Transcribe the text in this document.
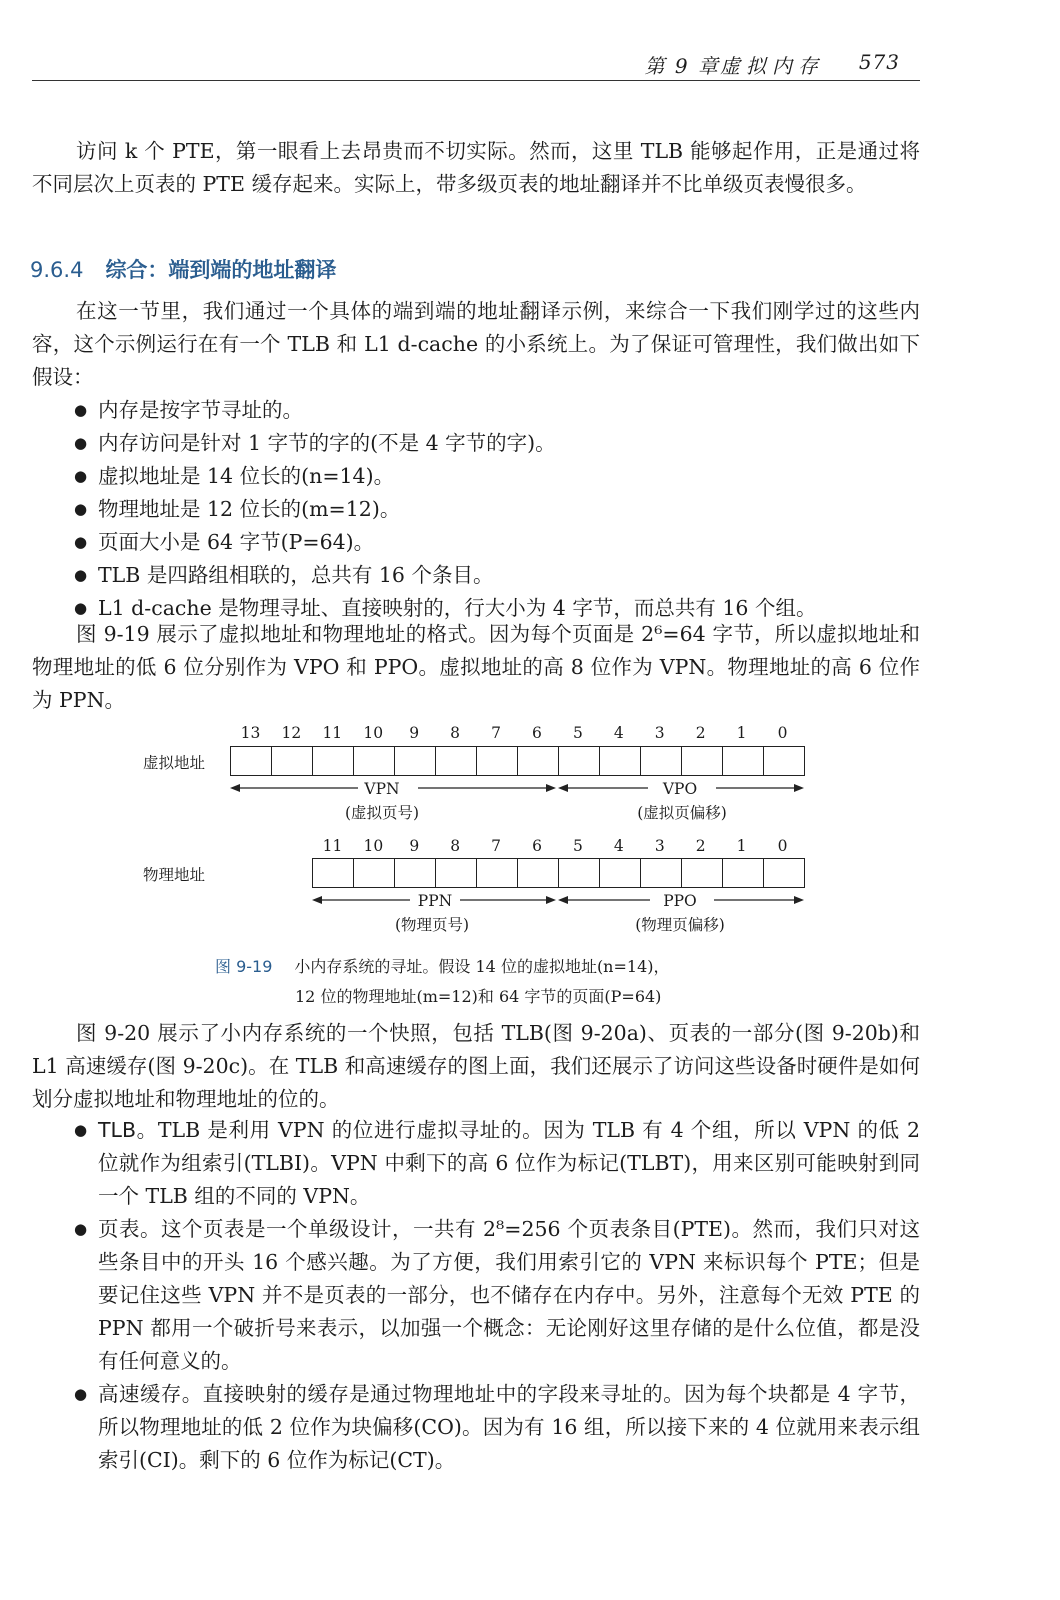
第 9 章 虚拟内存 573

访问 k 个 PTE，第一眼看上去昂贵而不切实际。然而，这里 TLB 能够起作用，正是通过将不同层次上页表的 PTE 缓存起来。实际上，带多级页表的地址翻译并不比单级页表慢很多。

9.6.4 综合：端到端的地址翻译

在这一节里，我们通过一个具体的端到端的地址翻译示例，来综合一下我们刚学过的这些内容，这个示例运行在有一个 TLB 和 L1 d-cache 的小系统上。为了保证可管理性，我们做出如下假设：

● 内存是按字节寻址的。
● 内存访问是针对 1 字节的字的(不是 4 字节的字)。
● 虚拟地址是 14 位长的(n=14)。
● 物理地址是 12 位长的(m=12)。
● 页面大小是 64 字节(P=64)。
● TLB 是四路组相联的，总共有 16 个条目。
● L1 d-cache 是物理寻址、直接映射的，行大小为 4 字节，而总共有 16 个组。

图 9-19 展示了虚拟地址和物理地址的格式。因为每个页面是 2⁶=64 字节，所以虚拟地址和物理地址的低 6 位分别作为 VPO 和 PPO。虚拟地址的高 8 位作为 VPN。物理地址的高 6 位作为 PPN。

13	12	11	10	9	8	7	6	5	4	3	2	1	0
虚拟地址
VPN	VPO
(虚拟页号)	(虚拟页偏移)
11	10	9	8	7	6	5	4	3	2	1	0
物理地址
PPN	PPO
(物理页号)	(物理页偏移)
图 9-19 小内存系统的寻址。假设 14 位的虚拟地址(n=14)，
12 位的物理地址(m=12)和 64 字节的页面(P=64)

图 9-20 展示了小内存系统的一个快照，包括 TLB(图 9-20a)、页表的一部分(图 9-20b)和 L1 高速缓存(图 9-20c)。在 TLB 和高速缓存的图上面，我们还展示了访问这些设备时硬件是如何划分虚拟地址和物理地址的位的。

● TLB。TLB 是利用 VPN 的位进行虚拟寻址的。因为 TLB 有 4 个组，所以 VPN 的低 2 位就作为组索引(TLBI)。VPN 中剩下的高 6 位作为标记(TLBT)，用来区别可能映射到同一个 TLB 组的不同的 VPN。
● 页表。这个页表是一个单级设计，一共有 2⁸=256 个页表条目(PTE)。然而，我们只对这些条目中的开头 16 个感兴趣。为了方便，我们用索引它的 VPN 来标识每个 PTE；但是要记住这些 VPN 并不是页表的一部分，也不储存在内存中。另外，注意每个无效 PTE 的 PPN 都用一个破折号来表示，以加强一个概念：无论刚好这里存储的是什么位值，都是没有任何意义的。
● 高速缓存。直接映射的缓存是通过物理地址中的字段来寻址的。因为每个块都是 4 字节，所以物理地址的低 2 位作为块偏移(CO)。因为有 16 组，所以接下来的 4 位就用来表示组索引(CI)。剩下的 6 位作为标记(CT)。
